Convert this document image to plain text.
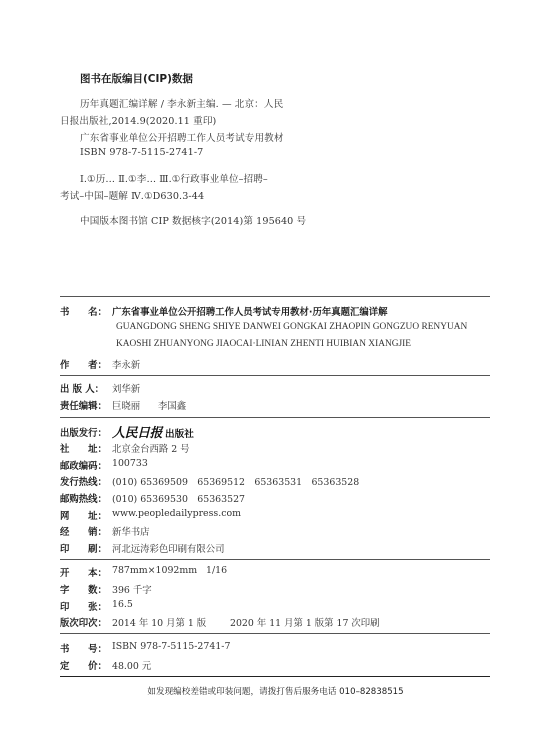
图书在版编目(CIP)数据
历年真题汇编详解 / 李永新主编. — 北京：人民
日报出版社,2014.9(2020.11 重印)
广东省事业单位公开招聘工作人员考试专用教材
ISBN 978-7-5115-2741-7
Ⅰ.①历… Ⅱ.①李… Ⅲ.①行政事业单位–招聘–
考试–中国–题解 Ⅳ.①D630.3-44
中国版本图书馆 CIP 数据核字(2014)第 195640 号
书　　名： 广东省事业单位公开招聘工作人员考试专用教材·历年真题汇编详解
GUANGDONG SHENG SHIYE DANWEI GONGKAI ZHAOPIN GONGZUO RENYUAN
KAOSHI ZHUANYONG JIAOCAI·LINIAN ZHENTI HUIBIAN XIANGJIE
作　　者： 李永新
出 版 人： 刘华新
责任编辑： 巨晓丽 李国鑫
出版发行： 人民日报 出版社
社　　址： 北京金台西路 2 号
邮政编码： 100733
发行热线： (010) 65369509　65369512　65363531　65363528
邮购热线： (010) 65369530　65363527
网　　址： www.peopledailypress.com
经　　销： 新华书店
印　　刷： 河北远涛彩色印刷有限公司
开　　本： 787mm×1092mm 1/16
字　　数： 396 千字
印　　张： 16.5
版次印次： 2014 年 10 月第 1 版	2020 年 11 月第 1 版第 17 次印刷
书　　号： ISBN 978-7-5115-2741-7
定　　价： 48.00 元
如发现编校差错或印装问题，请拨打售后服务电话 010–82838515
